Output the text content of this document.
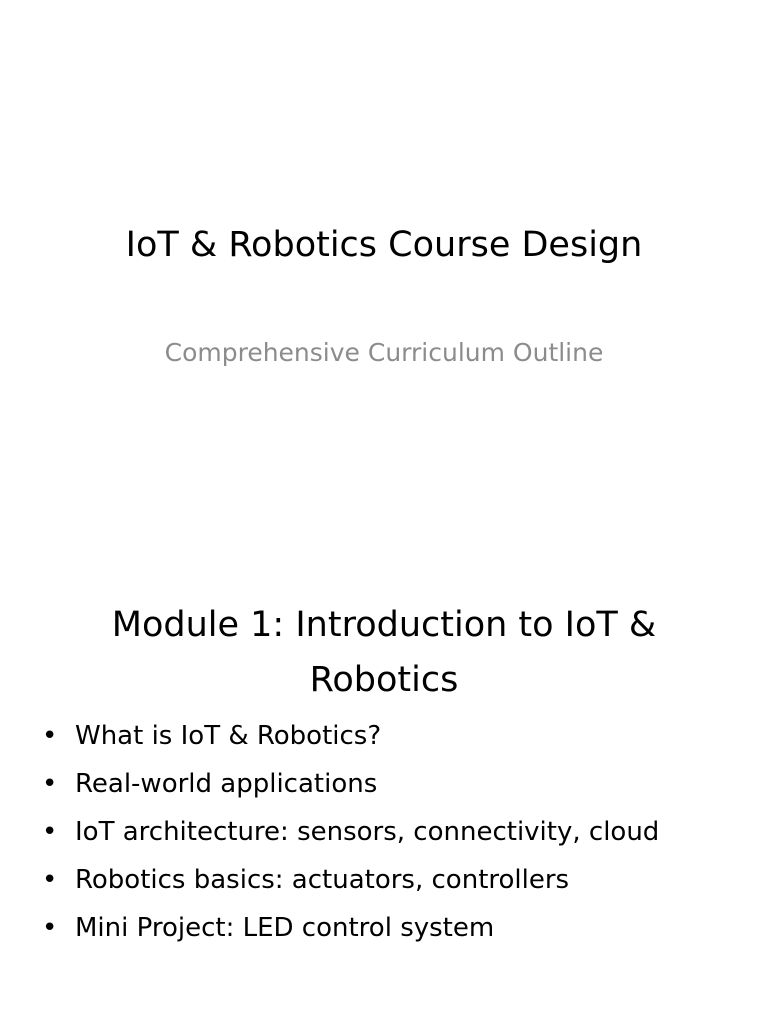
IoT & Robotics Course Design
Comprehensive Curriculum Outline
Module 1: Introduction to IoT & Robotics
• What is IoT & Robotics?
• Real-world applications
• IoT architecture: sensors, connectivity, cloud
• Robotics basics: actuators, controllers
• Mini Project: LED control system
